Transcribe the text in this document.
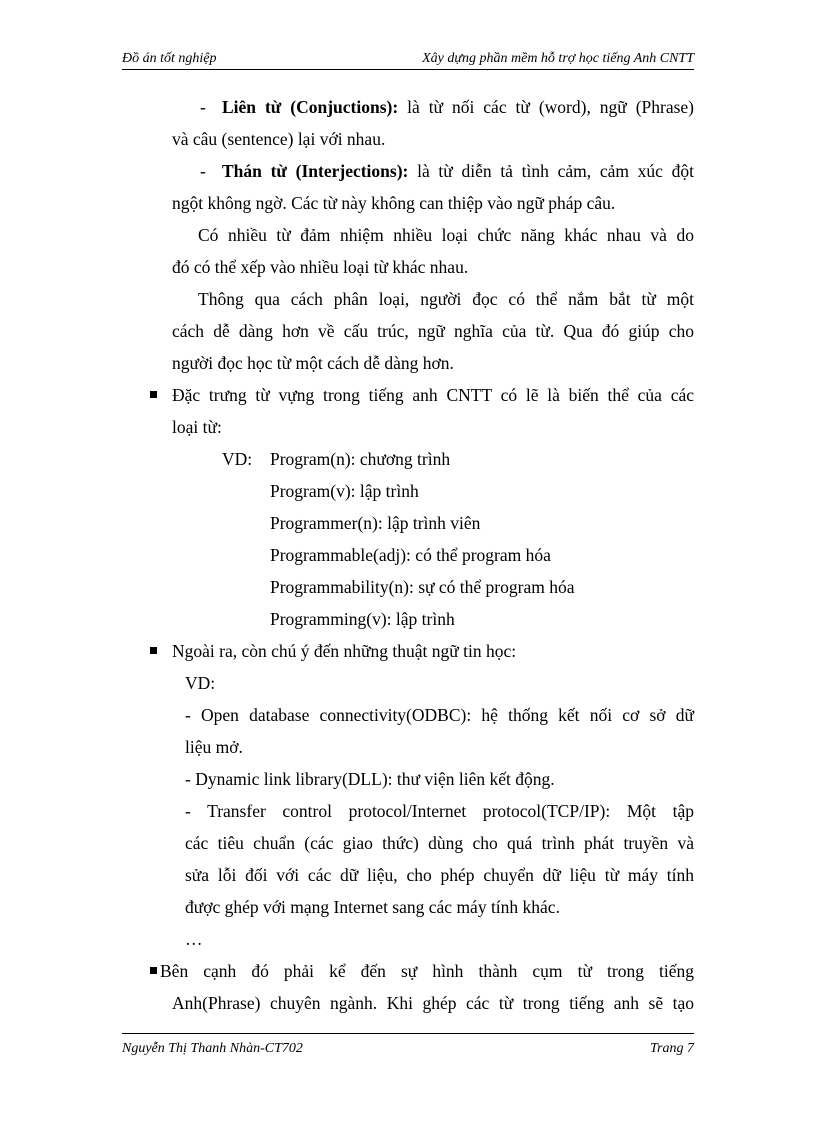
Đồ án tốt nghiệp	Xây dựng phần mềm hỗ trợ học tiếng Anh CNTT
- Liên từ (Conjuctions): là từ nối các từ (word), ngữ (Phrase)
và câu (sentence) lại với nhau.
- Thán từ (Interjections): là từ diễn tả tình cảm, cảm xúc đột
ngột không ngờ. Các từ này không can thiệp vào ngữ pháp câu.
Có nhiều từ đảm nhiệm nhiều loại chức năng khác nhau và do
đó có thể xếp vào nhiều loại từ khác nhau.
Thông qua cách phân loại, người đọc có thể nắm bắt từ một
cách dễ dàng hơn về cấu trúc, ngữ nghĩa của từ. Qua đó giúp cho
người đọc học từ một cách dễ dàng hơn.
Đặc trưng từ vựng trong tiếng anh CNTT có lẽ là biến thể của các
loại từ:
VD: Program(n): chương trình
Program(v): lập trình
Programmer(n): lập trình viên
Programmable(adj): có thể program hóa
Programmability(n): sự có thể program hóa
Programming(v): lập trình
Ngoài ra, còn chú ý đến những thuật ngữ tin học:
VD:
- Open database connectivity(ODBC): hệ thống kết nối cơ sở dữ
liệu mở.
- Dynamic link library(DLL): thư viện liên kết động.
- Transfer control protocol/Internet protocol(TCP/IP): Một tập
các tiêu chuẩn (các giao thức) dùng cho quá trình phát truyền và
sửa lỗi đối với các dữ liệu, cho phép chuyển dữ liệu từ máy tính
được ghép với mạng Internet sang các máy tính khác.
…
Bên cạnh đó phải kể đến sự hình thành cụm từ trong tiếng
Anh(Phrase) chuyên ngành. Khi ghép các từ trong tiếng anh sẽ tạo
Nguyễn Thị Thanh Nhàn-CT702	Trang 7
